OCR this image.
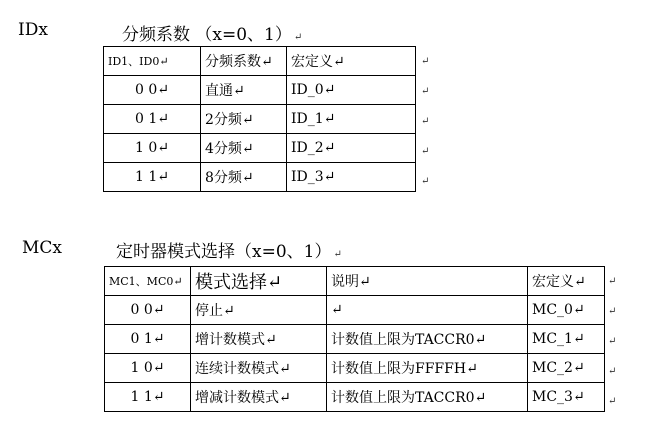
IDx	分频系数 （x=0、1） ↵
ID1、ID0↵	分频系数↵	宏定义↵
0 0↵	直通↵	ID_0↵
0 1↵	2分频↵	ID_1↵
1 0↵	4分频↵	ID_2↵
1 1↵	8分频↵	ID_3↵
↵
↵
↵
↵
↵
MCx	定时器模式选择（x=0、1） ↵
MC1、MC0↵	模式选择↵	说明↵	宏定义↵
0 0↵	停止↵	↵	MC_0↵
0 1↵	增计数模式↵	计数值上限为TACCR0↵	MC_1↵
1 0↵	连续计数模式↵	计数值上限为FFFFH↵	MC_2↵
1 1↵	增减计数模式↵	计数值上限为TACCR0↵	MC_3↵
↵
↵
↵
↵
↵
